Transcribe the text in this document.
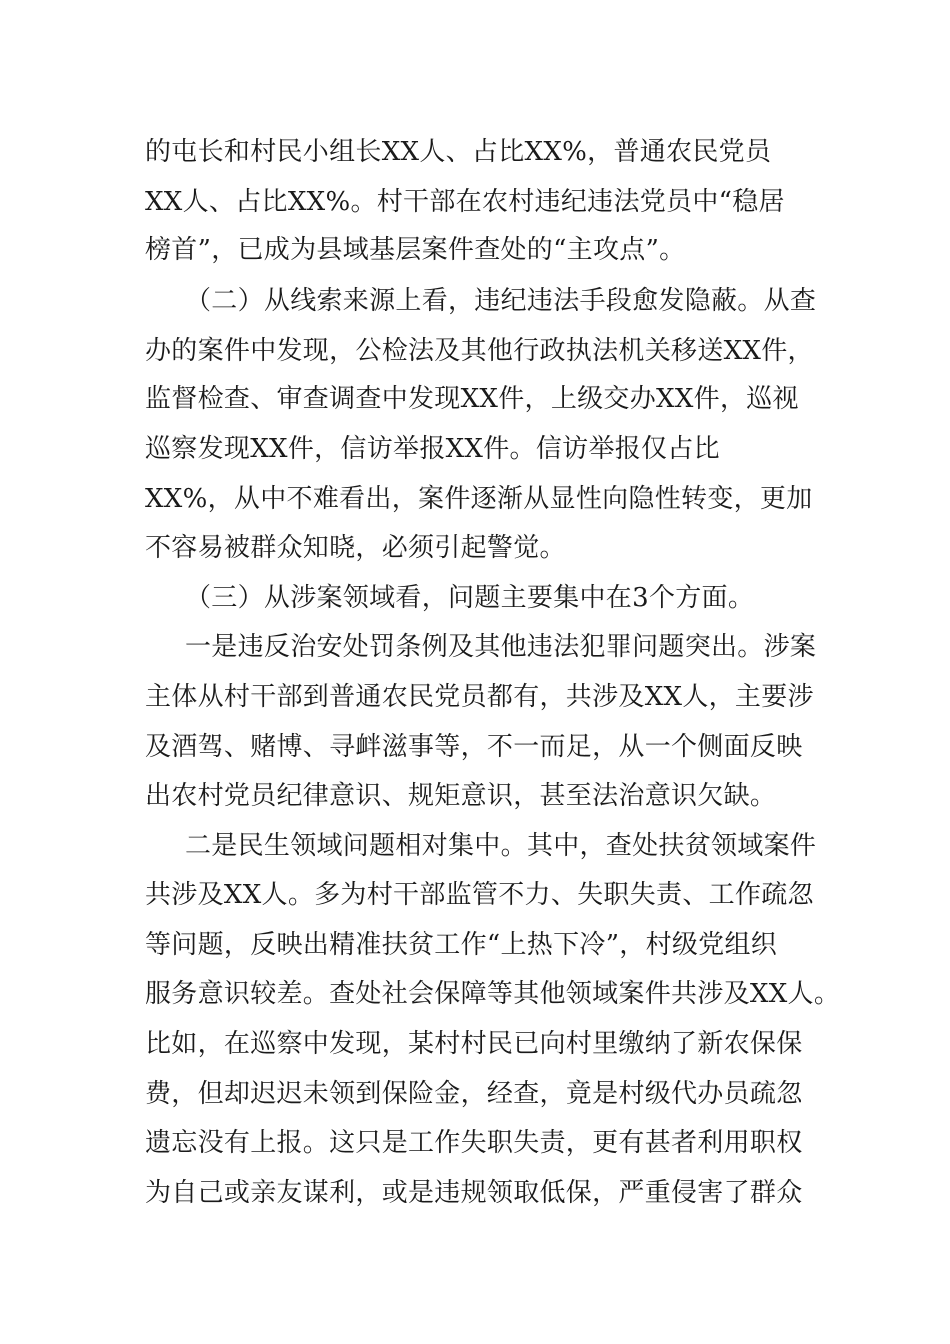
的屯长和村民小组长XX人、占比XX%，普通农民党员
XX人、占比XX%。村干部在农村违纪违法党员中“稳居
榜首”，已成为县域基层案件查处的“主攻点”。
（二）从线索来源上看，违纪违法手段愈发隐蔽。从查
办的案件中发现，公检法及其他行政执法机关移送XX件，
监督检查、审查调查中发现XX件，上级交办XX件，巡视
巡察发现XX件，信访举报XX件。信访举报仅占比
XX%，从中不难看出，案件逐渐从显性向隐性转变，更加
不容易被群众知晓，必须引起警觉。
（三）从涉案领域看，问题主要集中在3个方面。
一是违反治安处罚条例及其他违法犯罪问题突出。涉案
主体从村干部到普通农民党员都有，共涉及XX人，主要涉
及酒驾、赌博、寻衅滋事等，不一而足，从一个侧面反映
出农村党员纪律意识、规矩意识，甚至法治意识欠缺。
二是民生领域问题相对集中。其中，查处扶贫领域案件
共涉及XX人。多为村干部监管不力、失职失责、工作疏忽
等问题，反映出精准扶贫工作“上热下冷”，村级党组织
服务意识较差。查处社会保障等其他领域案件共涉及XX人。
比如，在巡察中发现，某村村民已向村里缴纳了新农保保
费，但却迟迟未领到保险金，经查，竟是村级代办员疏忽
遗忘没有上报。这只是工作失职失责，更有甚者利用职权
为自己或亲友谋利，或是违规领取低保，严重侵害了群众
